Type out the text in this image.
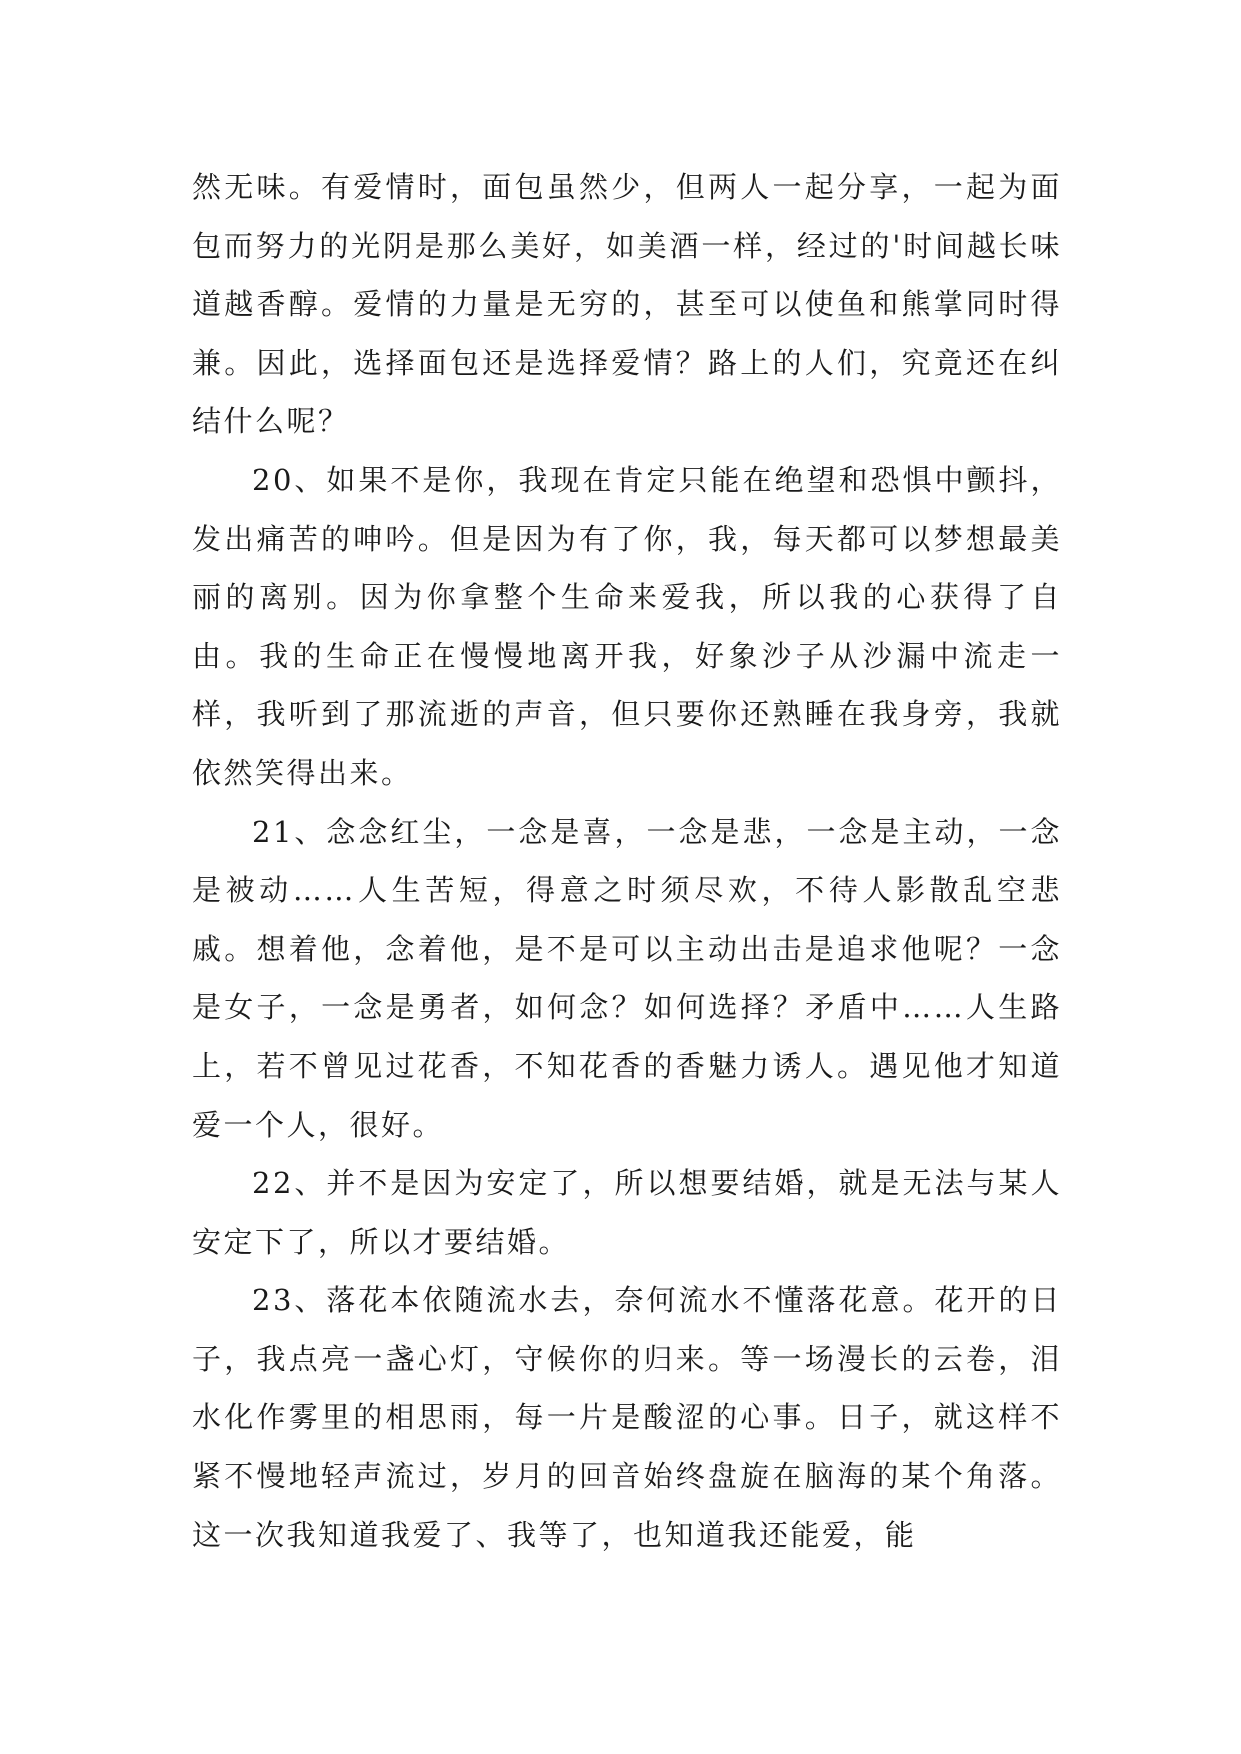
然无味。有爱情时，面包虽然少，但两人一起分享，一起为面包而努力的光阴是那么美好，如美酒一样，经过的'时间越长味道越香醇。爱情的力量是无穷的，甚至可以使鱼和熊掌同时得兼。因此，选择面包还是选择爱情？路上的人们，究竟还在纠结什么呢？

20、如果不是你，我现在肯定只能在绝望和恐惧中颤抖，发出痛苦的呻吟。但是因为有了你，我，每天都可以梦想最美丽的离别。因为你拿整个生命来爱我，所以我的心获得了自由。我的生命正在慢慢地离开我，好象沙子从沙漏中流走一样，我听到了那流逝的声音，但只要你还熟睡在我身旁，我就依然笑得出来。

21、念念红尘，一念是喜，一念是悲，一念是主动，一念是被动……人生苦短，得意之时须尽欢，不待人影散乱空悲戚。想着他，念着他，是不是可以主动出击是追求他呢？一念是女子，一念是勇者，如何念？如何选择？矛盾中……人生路上，若不曾见过花香，不知花香的香魅力诱人。遇见他才知道爱一个人，很好。

22、并不是因为安定了，所以想要结婚，就是无法与某人安定下了，所以才要结婚。

23、落花本依随流水去，奈何流水不懂落花意。花开的日子，我点亮一盏心灯，守候你的归来。等一场漫长的云卷，泪水化作雾里的相思雨，每一片是酸涩的心事。日子，就这样不紧不慢地轻声流过，岁月的回音始终盘旋在脑海的某个角落。这一次我知道我爱了、我等了，也知道我还能爱，能
